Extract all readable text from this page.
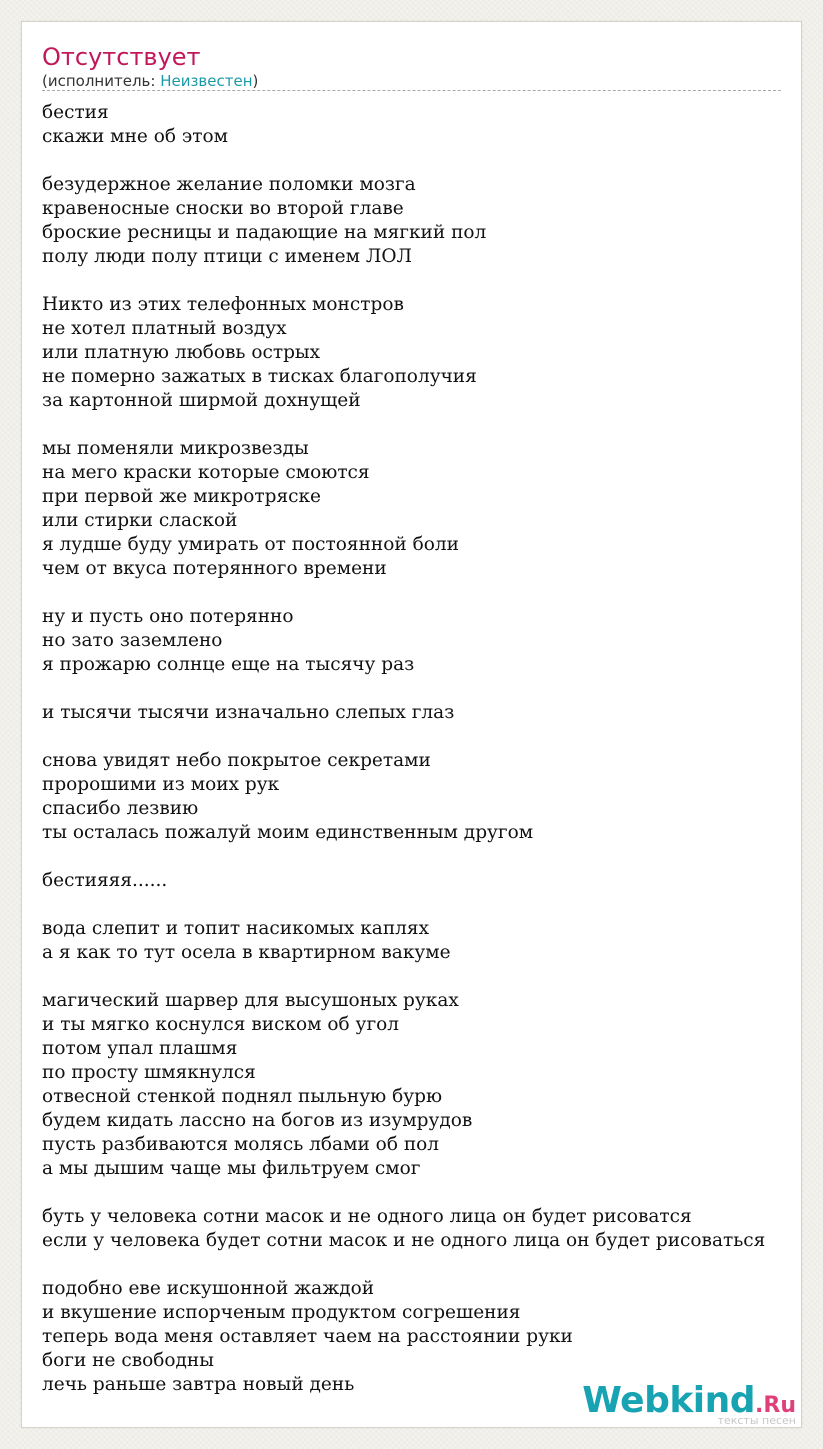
Отсутствует
(исполнитель: Неизвестен)
бестия
скажи мне об этом

безудержное желание поломки мозга
кравеносные сноски во второй главе
броские ресницы и падающие на мягкий пол
полу люди полу птици с именем ЛОЛ

Никто из этих телефонных монстров
не хотел платный воздух
или платную любовь острых
не померно зажатых в тисках благополучия
за картонной ширмой дохнущей

мы поменяли микрозвезды
на мего краски которые смоются
при первой же микротряске
или стирки слаской
я лудше буду умирать от постоянной боли
чем от вкуса потерянного времени

ну и пусть оно потерянно
но зато заземлено
я прожарю солнце еще на тысячу раз

и тысячи тысячи изначально слепых глаз

снова увидят небо покрытое секретами
пророшими из моих рук
спасибо лезвию
ты осталась пожалуй моим единственным другом

бестияяя......

вода слепит и топит насикомых каплях
а я как то тут осела в квартирном вакуме

магический шарвер для высушоных руках
и ты мягко коснулся виском об угол
потом упал плашмя
по просту шмякнулся
отвесной стенкой поднял пыльную бурю
будем кидать лассно на богов из изумрудов
пусть разбиваются молясь лбами об пол
а мы дышим чаще мы фильтруем смог

буть у человека сотни масок и не одного лица он будет рисоватся
если у человека будет сотни масок и не одного лица он будет рисоваться

подобно еве искушонной жаждой
и вкушение испорченым продуктом согрешения
теперь вода меня оставляет чаем на расстоянии руки
боги не свободны
лечь раньше завтра новый день	Webkind.Ru
тексты песен
